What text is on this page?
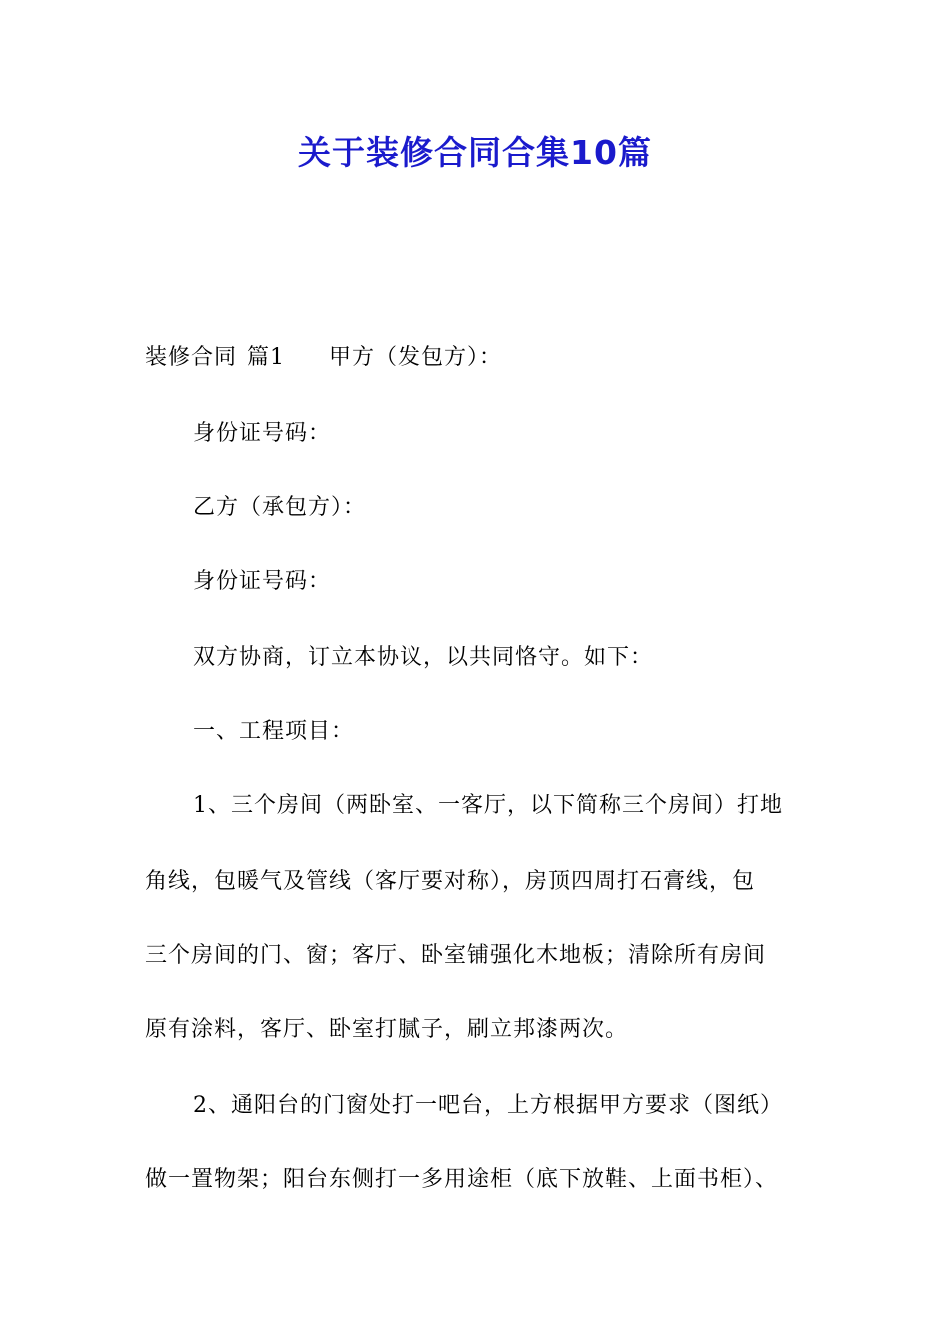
关于装修合同合集10篇
装修合同 篇1 甲方（发包方）：
身份证号码：
乙方（承包方）：
身份证号码：
双方协商，订立本协议，以共同恪守。如下：
一、工程项目：
1、三个房间（两卧室、一客厅，以下简称三个房间）打地
角线，包暖气及管线（客厅要对称），房顶四周打石膏线，包
三个房间的门、窗；客厅、卧室铺强化木地板；清除所有房间
原有涂料，客厅、卧室打腻子，刷立邦漆两次。
2、通阳台的门窗处打一吧台，上方根据甲方要求（图纸）
做一置物架；阳台东侧打一多用途柜（底下放鞋、上面书柜）、
